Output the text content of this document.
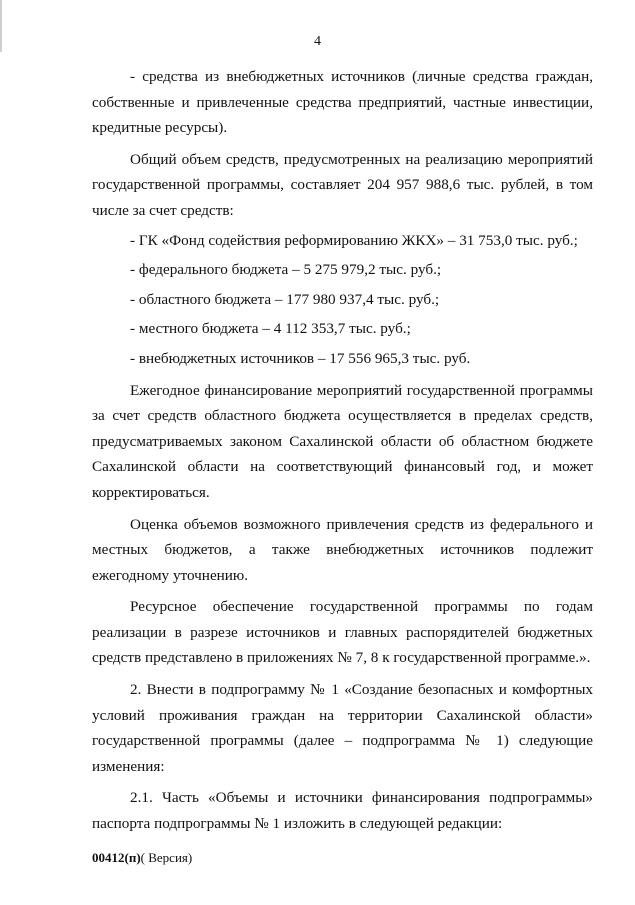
4

- средства из внебюджетных источников (личные средства граждан, собственные и привлеченные средства предприятий, частные инвестиции, кредитные ресурсы).

Общий объем средств, предусмотренных на реализацию мероприятий государственной программы, составляет 204 957 988,6 тыс. рублей, в том числе за счет средств:

- ГК «Фонд содействия реформированию ЖКХ» – 31 753,0 тыс. руб.;

- федерального бюджета – 5 275 979,2 тыс. руб.;

- областного бюджета – 177 980 937,4 тыс. руб.;

- местного бюджета – 4 112 353,7 тыс. руб.;

- внебюджетных источников – 17 556 965,3 тыс. руб.

Ежегодное финансирование мероприятий государственной программы за счет средств областного бюджета осуществляется в пределах средств, предусматриваемых законом Сахалинской области об областном бюджете Сахалинской области на соответствующий финансовый год, и может корректироваться.

Оценка объемов возможного привлечения средств из федерального и местных бюджетов, а также внебюджетных источников подлежит ежегодному уточнению.

Ресурсное обеспечение государственной программы по годам реализации в разрезе источников и главных распорядителей бюджетных средств представлено в приложениях № 7, 8 к государственной программе.».

2. Внести в подпрограмму № 1 «Создание безопасных и комфортных условий проживания граждан на территории Сахалинской области» государственной программы (далее – подпрограмма № 1) следующие изменения:

2.1. Часть «Объемы и источники финансирования подпрограммы» паспорта подпрограммы № 1 изложить в следующей редакции:

00412(п)( Версия)
